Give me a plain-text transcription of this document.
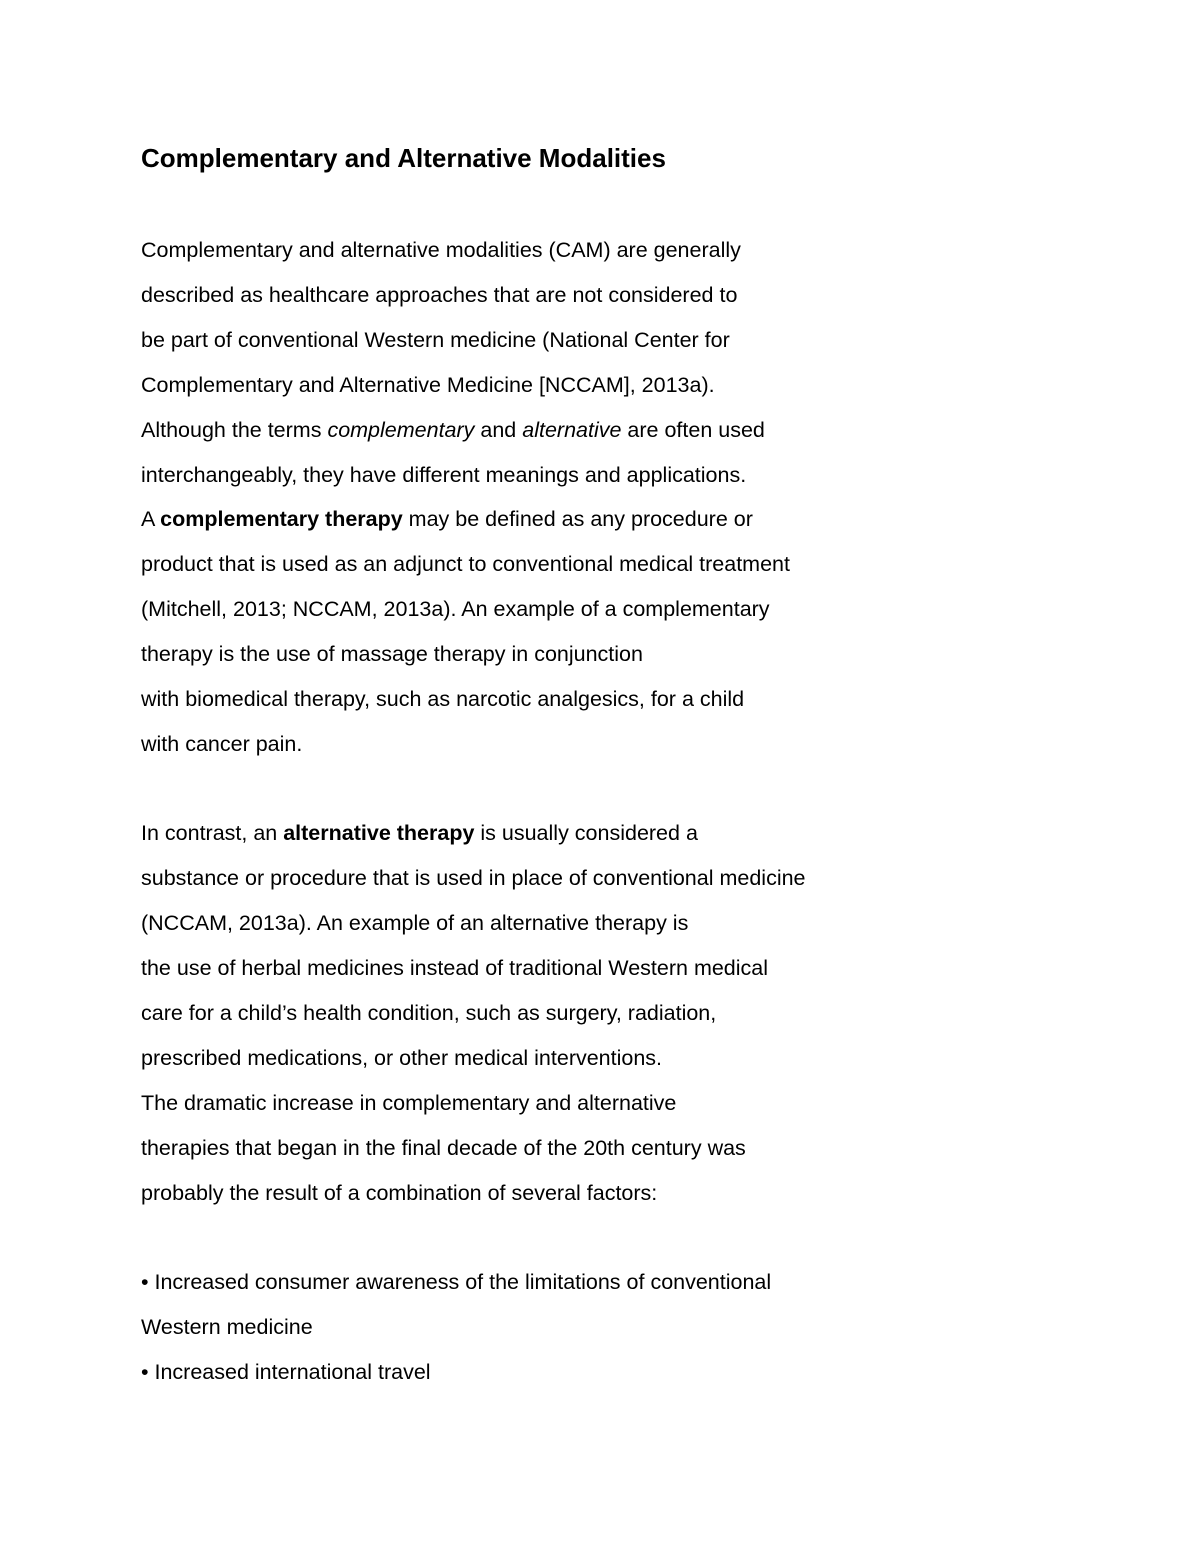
Complementary and Alternative Modalities
Complementary and alternative modalities (CAM) are generally
described as healthcare approaches that are not considered to
be part of conventional Western medicine (National Center for
Complementary and Alternative Medicine [NCCAM], 2013a).
Although the terms complementary and alternative are often used
interchangeably, they have different meanings and applications.
A complementary therapy may be defined as any procedure or
product that is used as an adjunct to conventional medical treatment
(Mitchell, 2013; NCCAM, 2013a). An example of a complementary
therapy is the use of massage therapy in conjunction
with biomedical therapy, such as narcotic analgesics, for a child
with cancer pain.
In contrast, an alternative therapy is usually considered a
substance or procedure that is used in place of conventional medicine
(NCCAM, 2013a). An example of an alternative therapy is
the use of herbal medicines instead of traditional Western medical
care for a child’s health condition, such as surgery, radiation,
prescribed medications, or other medical interventions.
The dramatic increase in complementary and alternative
therapies that began in the final decade of the 20th century was
probably the result of a combination of several factors:
• Increased consumer awareness of the limitations of conventional
Western medicine
• Increased international travel
